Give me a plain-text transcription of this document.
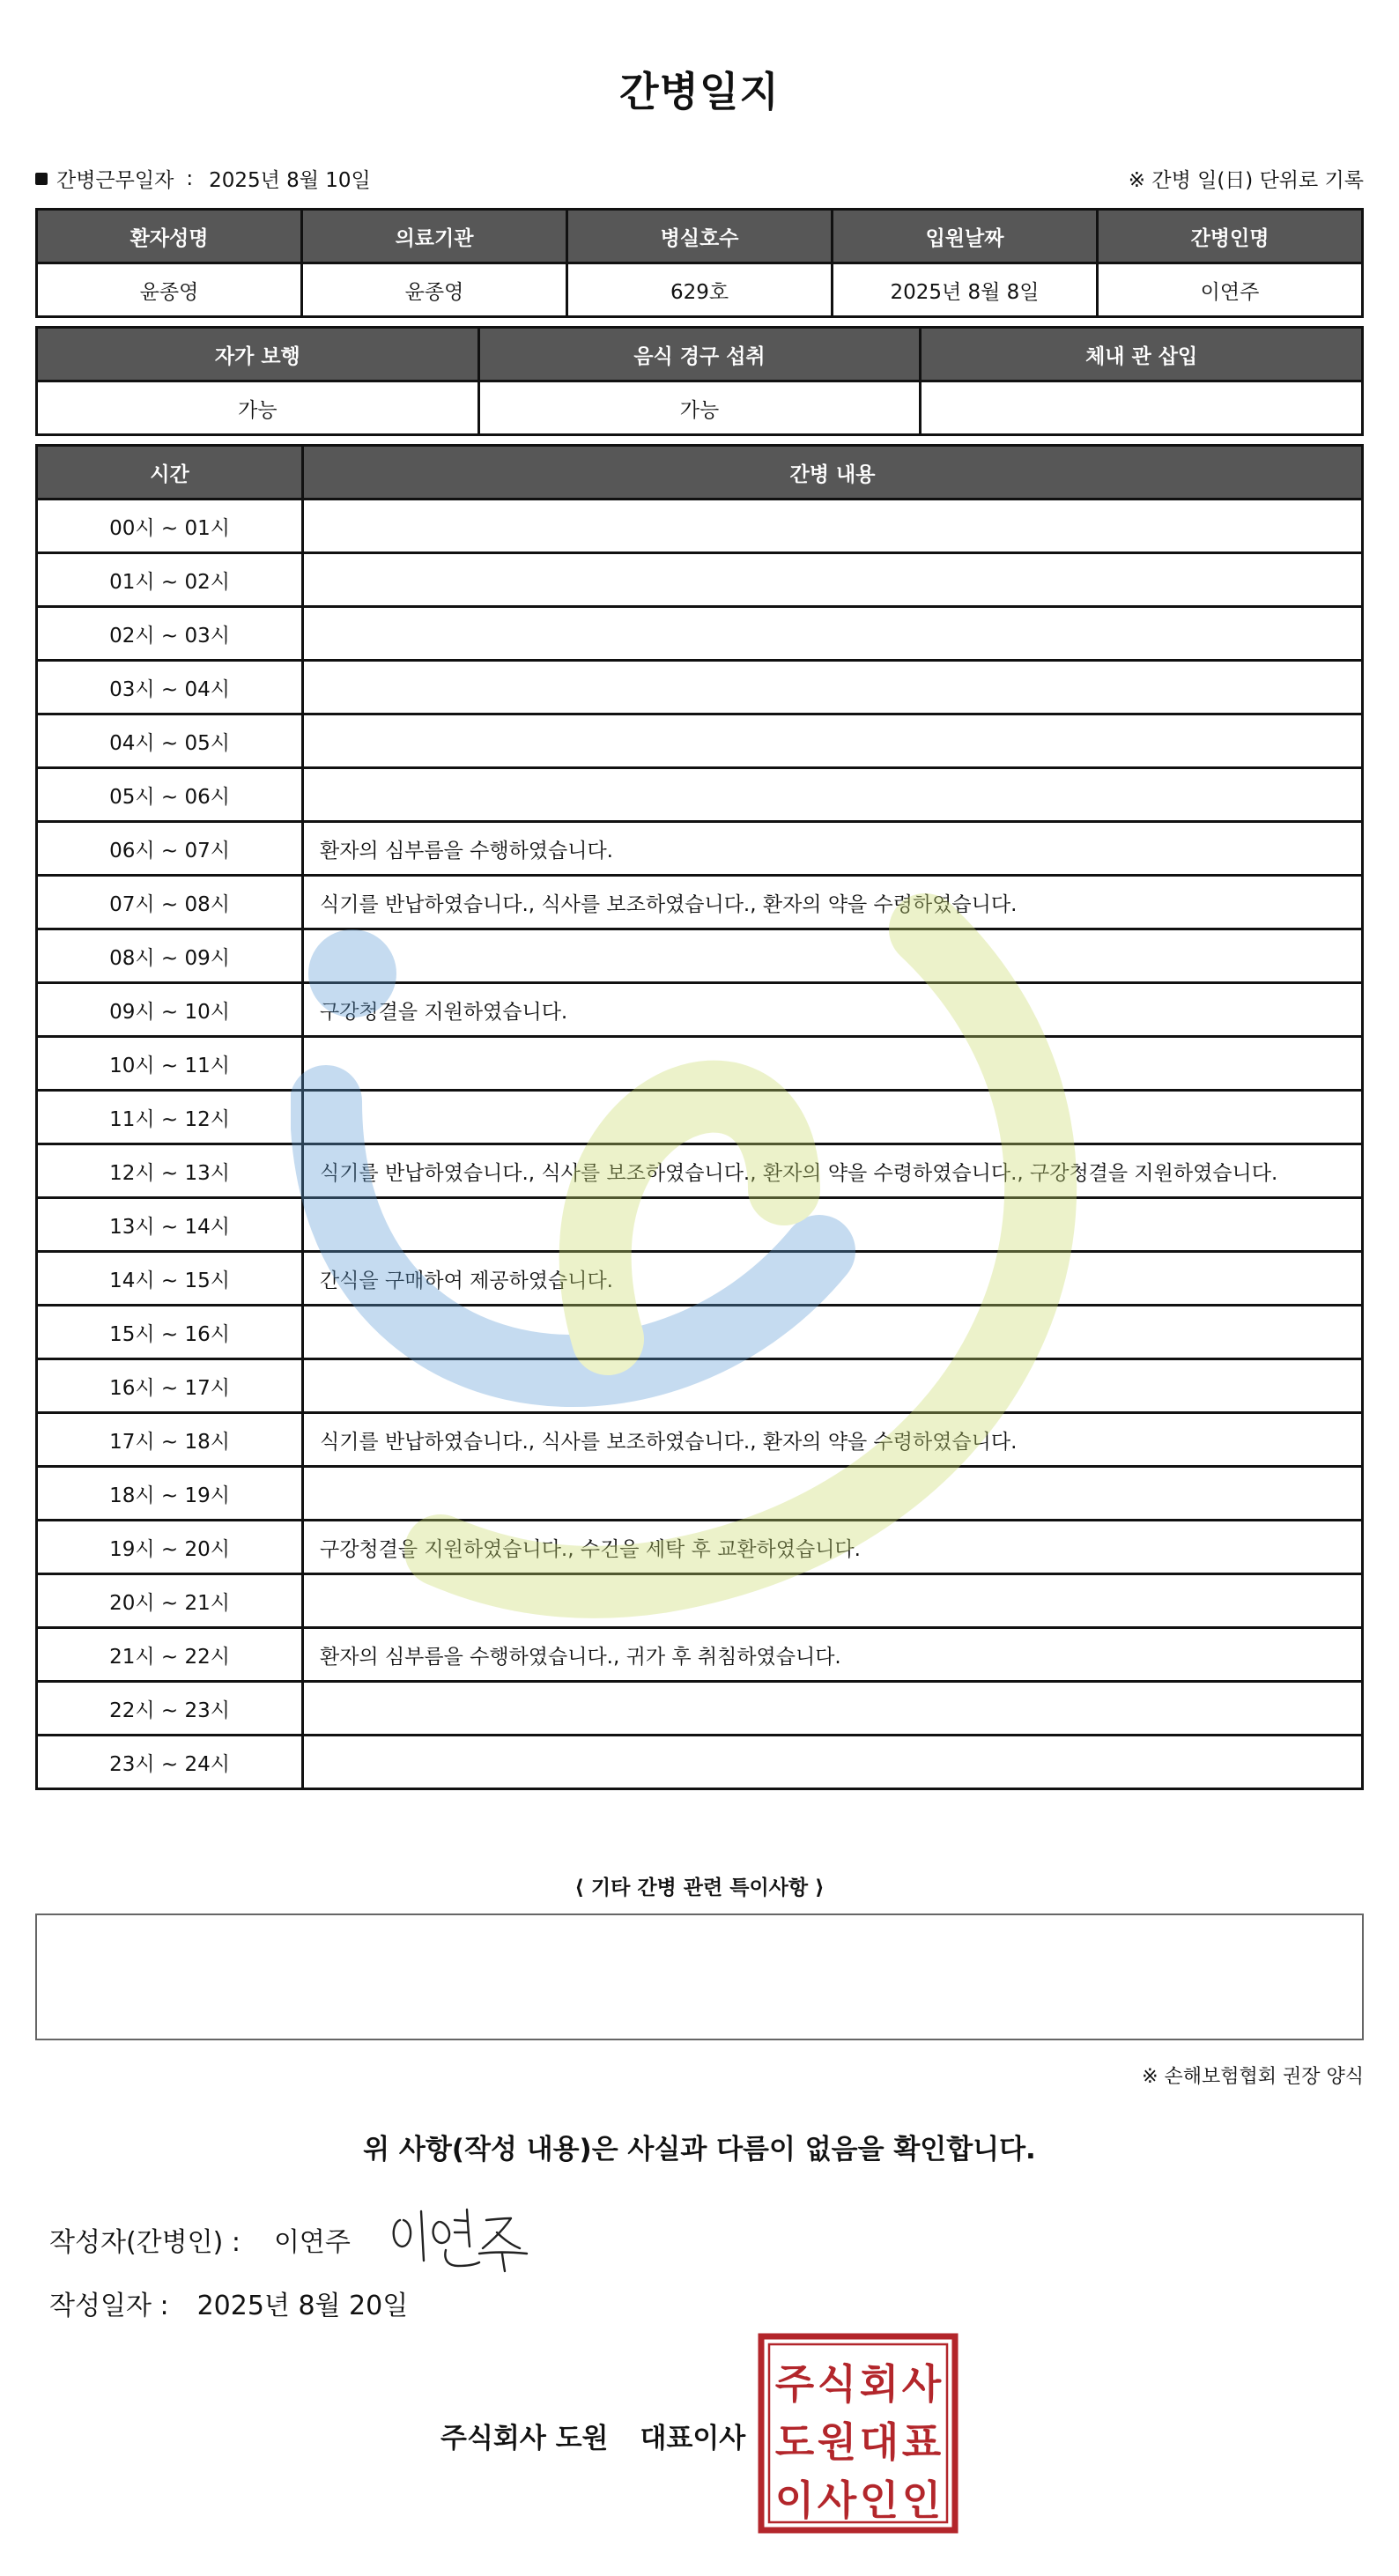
간병일지
간병근무일자 : 2025년 8월 10일	※ 간병 일(日) 단위로 기록
환자성명	의료기관	병실호수	입원날짜	간병인명
윤종영	윤종영	629호	2025년 8월 8일	이연주
자가 보행	음식 경구 섭취	체내 관 삽입
가능	가능	
시간	간병 내용
00시 ~ 01시	
01시 ~ 02시	
02시 ~ 03시	
03시 ~ 04시	
04시 ~ 05시	
05시 ~ 06시	
06시 ~ 07시	환자의 심부름을 수행하였습니다.
07시 ~ 08시	식기를 반납하였습니다., 식사를 보조하였습니다., 환자의 약을 수령하였습니다.
08시 ~ 09시	
09시 ~ 10시	구강청결을 지원하였습니다.
10시 ~ 11시	
11시 ~ 12시	
12시 ~ 13시	식기를 반납하였습니다., 식사를 보조하였습니다., 환자의 약을 수령하였습니다., 구강청결을 지원하였습니다.
13시 ~ 14시	
14시 ~ 15시	간식을 구매하여 제공하였습니다.
15시 ~ 16시	
16시 ~ 17시	
17시 ~ 18시	식기를 반납하였습니다., 식사를 보조하였습니다., 환자의 약을 수령하였습니다.
18시 ~ 19시	
19시 ~ 20시	구강청결을 지원하였습니다., 수건을 세탁 후 교환하였습니다.
20시 ~ 21시	
21시 ~ 22시	환자의 심부름을 수행하였습니다., 귀가 후 취침하였습니다.
22시 ~ 23시	
23시 ~ 24시	
⟨ 기타 간병 관련 특이사항 ⟩
※ 손해보험협회 권장 양식
위 사항(작성 내용)은 사실과 다름이 없음을 확인합니다.
작성자(간병인) : 이연주
작성일자 : 2025년 8월 20일
주식회사 도원 대표이사
주 식 회 사
도 원 대 표
이 사 인 인
